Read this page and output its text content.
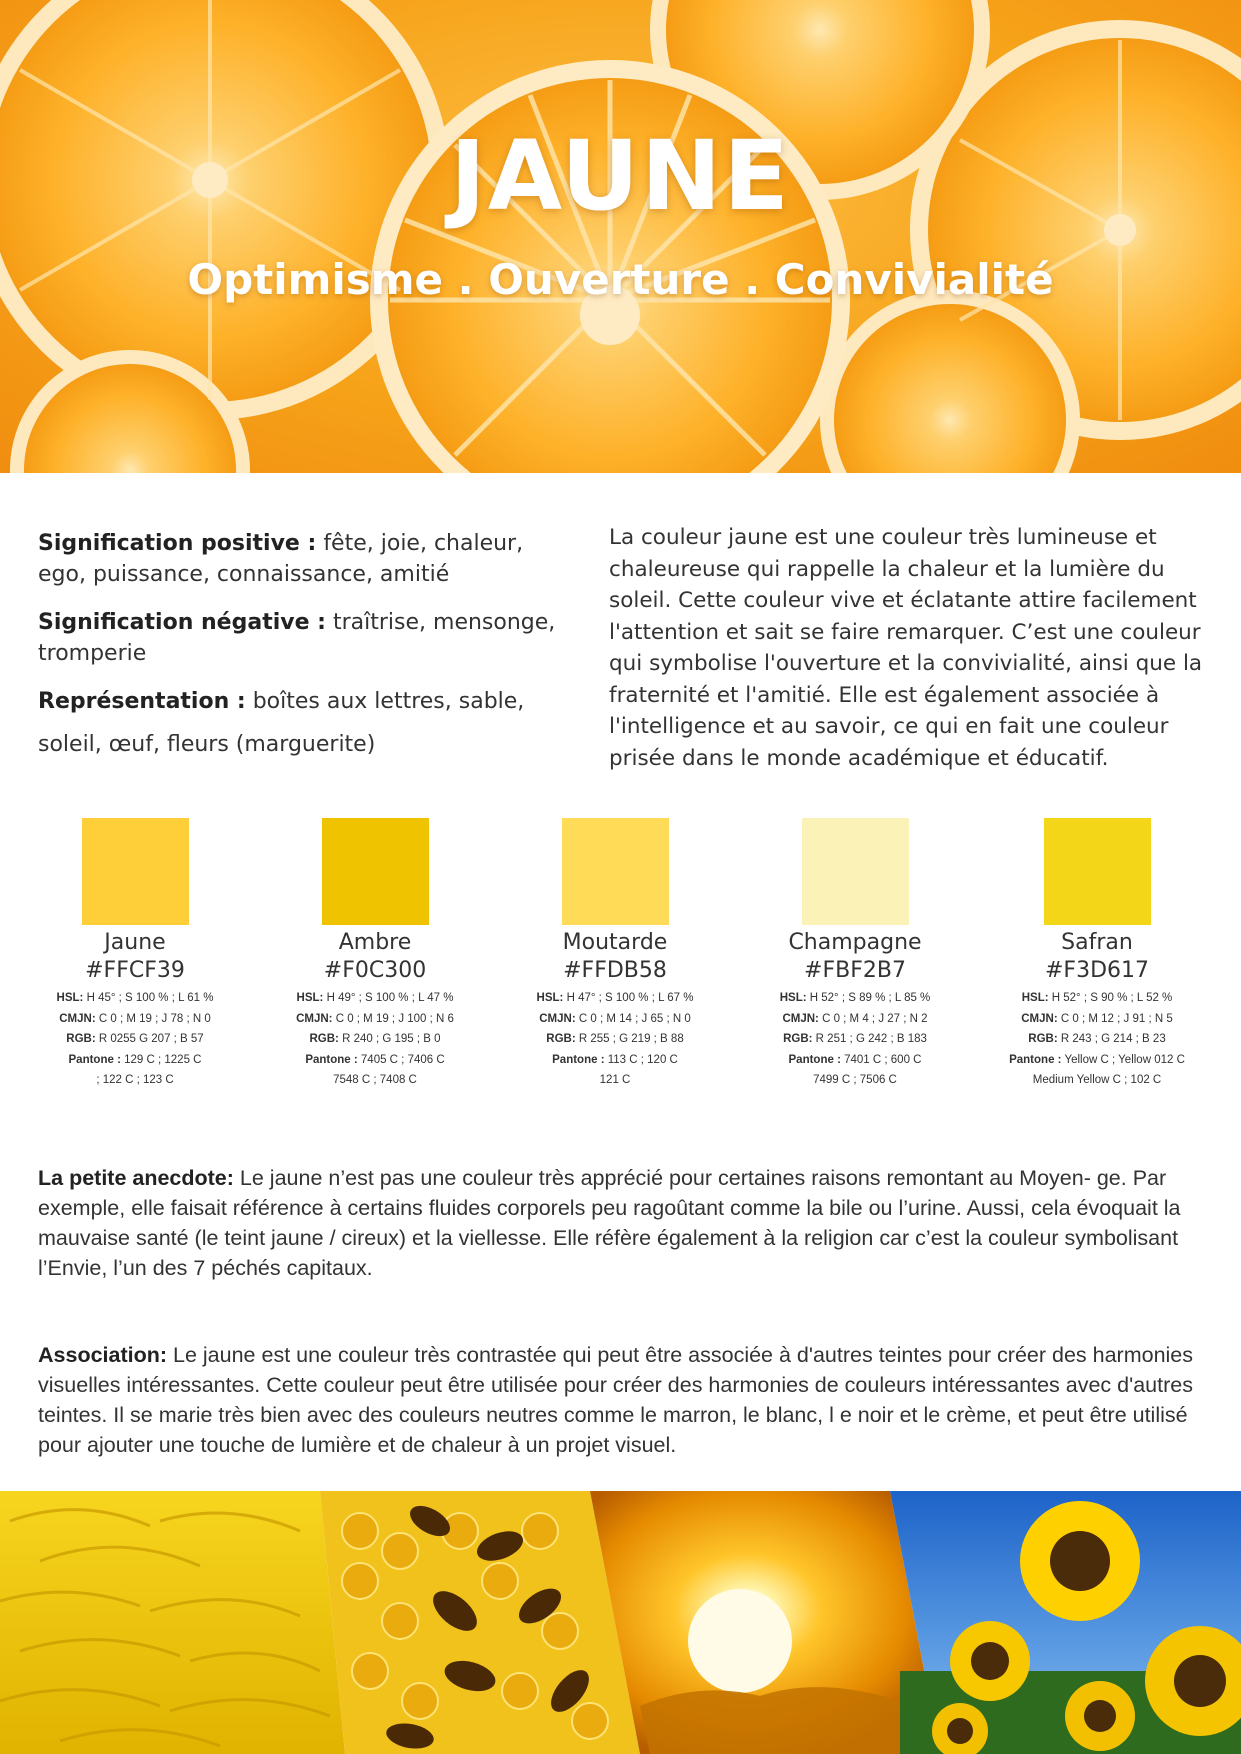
JAUNE
Optimisme . Ouverture . Convivialité

Signification positive : fête, joie, chaleur, ego, puissance, connaissance, amitié

Signification négative : traîtrise, mensonge, tromperie

Représentation : boîtes aux lettres, sable, soleil, œuf, fleurs (marguerite)

La couleur jaune est une couleur très lumineuse et chaleureuse qui rappelle la chaleur et la lumière du soleil. Cette couleur vive et éclatante attire facilement l'attention et sait se faire remarquer. C’est une couleur qui symbolise l'ouverture et la convivialité, ainsi que la fraternité et l'amitié. Elle est également associée à l'intelligence et au savoir, ce qui en fait une couleur prisée dans le monde académique et éducatif.
Jaune
#FFCF39
HSL: H 45° ; S 100 % ; L 61 %
CMJN: C 0 ; M 19 ; J 78 ; N 0
RGB: R 0255 G 207 ; B 57
Pantone : 129 C ; 1225 C
; 122 C ; 123 C
Ambre
#F0C300
HSL: H 49° ; S 100 % ; L 47 %
CMJN: C 0 ; M 19 ; J 100 ; N 6
RGB: R 240 ; G 195 ; B 0
Pantone : 7405 C ; 7406 C
7548 C ; 7408 C
Moutarde
#FFDB58
HSL: H 47° ; S 100 % ; L 67 %
CMJN: C 0 ; M 14 ; J 65 ; N 0
RGB: R 255 ; G 219 ; B 88
Pantone : 113 C ; 120 C
121 C
Champagne
#FBF2B7
HSL: H 52° ; S 89 % ; L 85 %
CMJN: C 0 ; M 4 ; J 27 ; N 2
RGB: R 251 ; G 242 ; B 183
Pantone : 7401 C ; 600 C
7499 C ; 7506 C
Safran
#F3D617
HSL: H 52° ; S 90 % ; L 52 %
CMJN: C 0 ; M 12 ; J 91 ; N 5
RGB: R 243 ; G 214 ; B 23
Pantone : Yellow C ; Yellow 012 C
Medium Yellow C ; 102 C
La petite anecdote: Le jaune n’est pas une couleur très apprécié pour certaines raisons remontant au Moyen- ge. Par exemple, elle faisait référence à certains fluides corporels peu ragoûtant comme la bile ou l’urine. Aussi, cela évoquait la mauvaise santé (le teint jaune / cireux) et la viellesse. Elle réfère également à la religion car c’est la couleur symbolisant l’Envie, l’un des 7 péchés capitaux.
Association: Le jaune est une couleur très contrastée qui peut être associée à d'autres teintes pour créer des harmonies visuelles intéressantes. Cette couleur peut être utilisée pour créer des harmonies de couleurs intéressantes avec d'autres teintes. Il se marie très bien avec des couleurs neutres comme le marron, le blanc, l e noir et le crème, et peut être utilisé pour ajouter une touche de lumière et de chaleur à un projet visuel.
